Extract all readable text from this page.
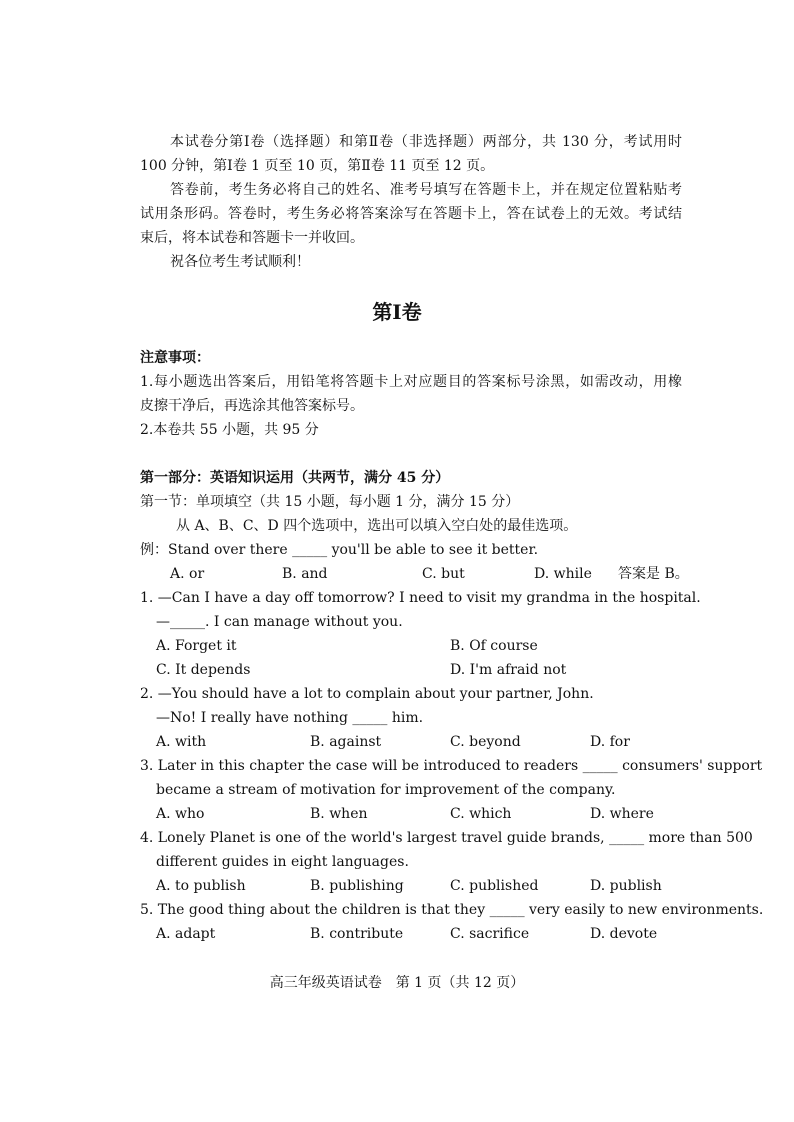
本试卷分第Ⅰ卷（选择题）和第Ⅱ卷（非选择题）两部分，共 130 分，考试用时
100 分钟，第Ⅰ卷 1 页至 10 页，第Ⅱ卷 11 页至 12 页。
答卷前，考生务必将自己的姓名、准考号填写在答题卡上，并在规定位置粘贴考
试用条形码。答卷时，考生务必将答案涂写在答题卡上，答在试卷上的无效。考试结
束后，将本试卷和答题卡一并收回。
祝各位考生考试顺利！
第Ⅰ卷
注意事项：
1.每小题选出答案后，用铅笔将答题卡上对应题目的答案标号涂黑，如需改动，用橡
皮擦干净后，再选涂其他答案标号。
2.本卷共 55 小题，共 95 分
第一部分：英语知识运用（共两节，满分 45 分）
第一节：单项填空（共 15 小题，每小题 1 分，满分 15 分）
从 A、B、C、D 四个选项中，选出可以填入空白处的最佳选项。
例：Stand over there _____ you'll be able to see it better.
A. or	B. and	C. but	D. while 答案是 B。
1. —Can I have a day off tomorrow? I need to visit my grandma in the hospital.
—_____. I can manage without you.
A. Forget it	B. Of course
C. It depends	D. I'm afraid not
2. —You should have a lot to complain about your partner, John.
—No! I really have nothing _____ him.
A. with	B. against	C. beyond	D. for
3. Later in this chapter the case will be introduced to readers _____ consumers' support
became a stream of motivation for improvement of the company.
A. who	B. when	C. which	D. where
4. Lonely Planet is one of the world's largest travel guide brands, _____ more than 500
different guides in eight languages.
A. to publish	B. publishing	C. published	D. publish
5. The good thing about the children is that they _____ very easily to new environments.
A. adapt	B. contribute	C. sacrifice	D. devote
高三年级英语试卷　第 1 页（共 12 页）
